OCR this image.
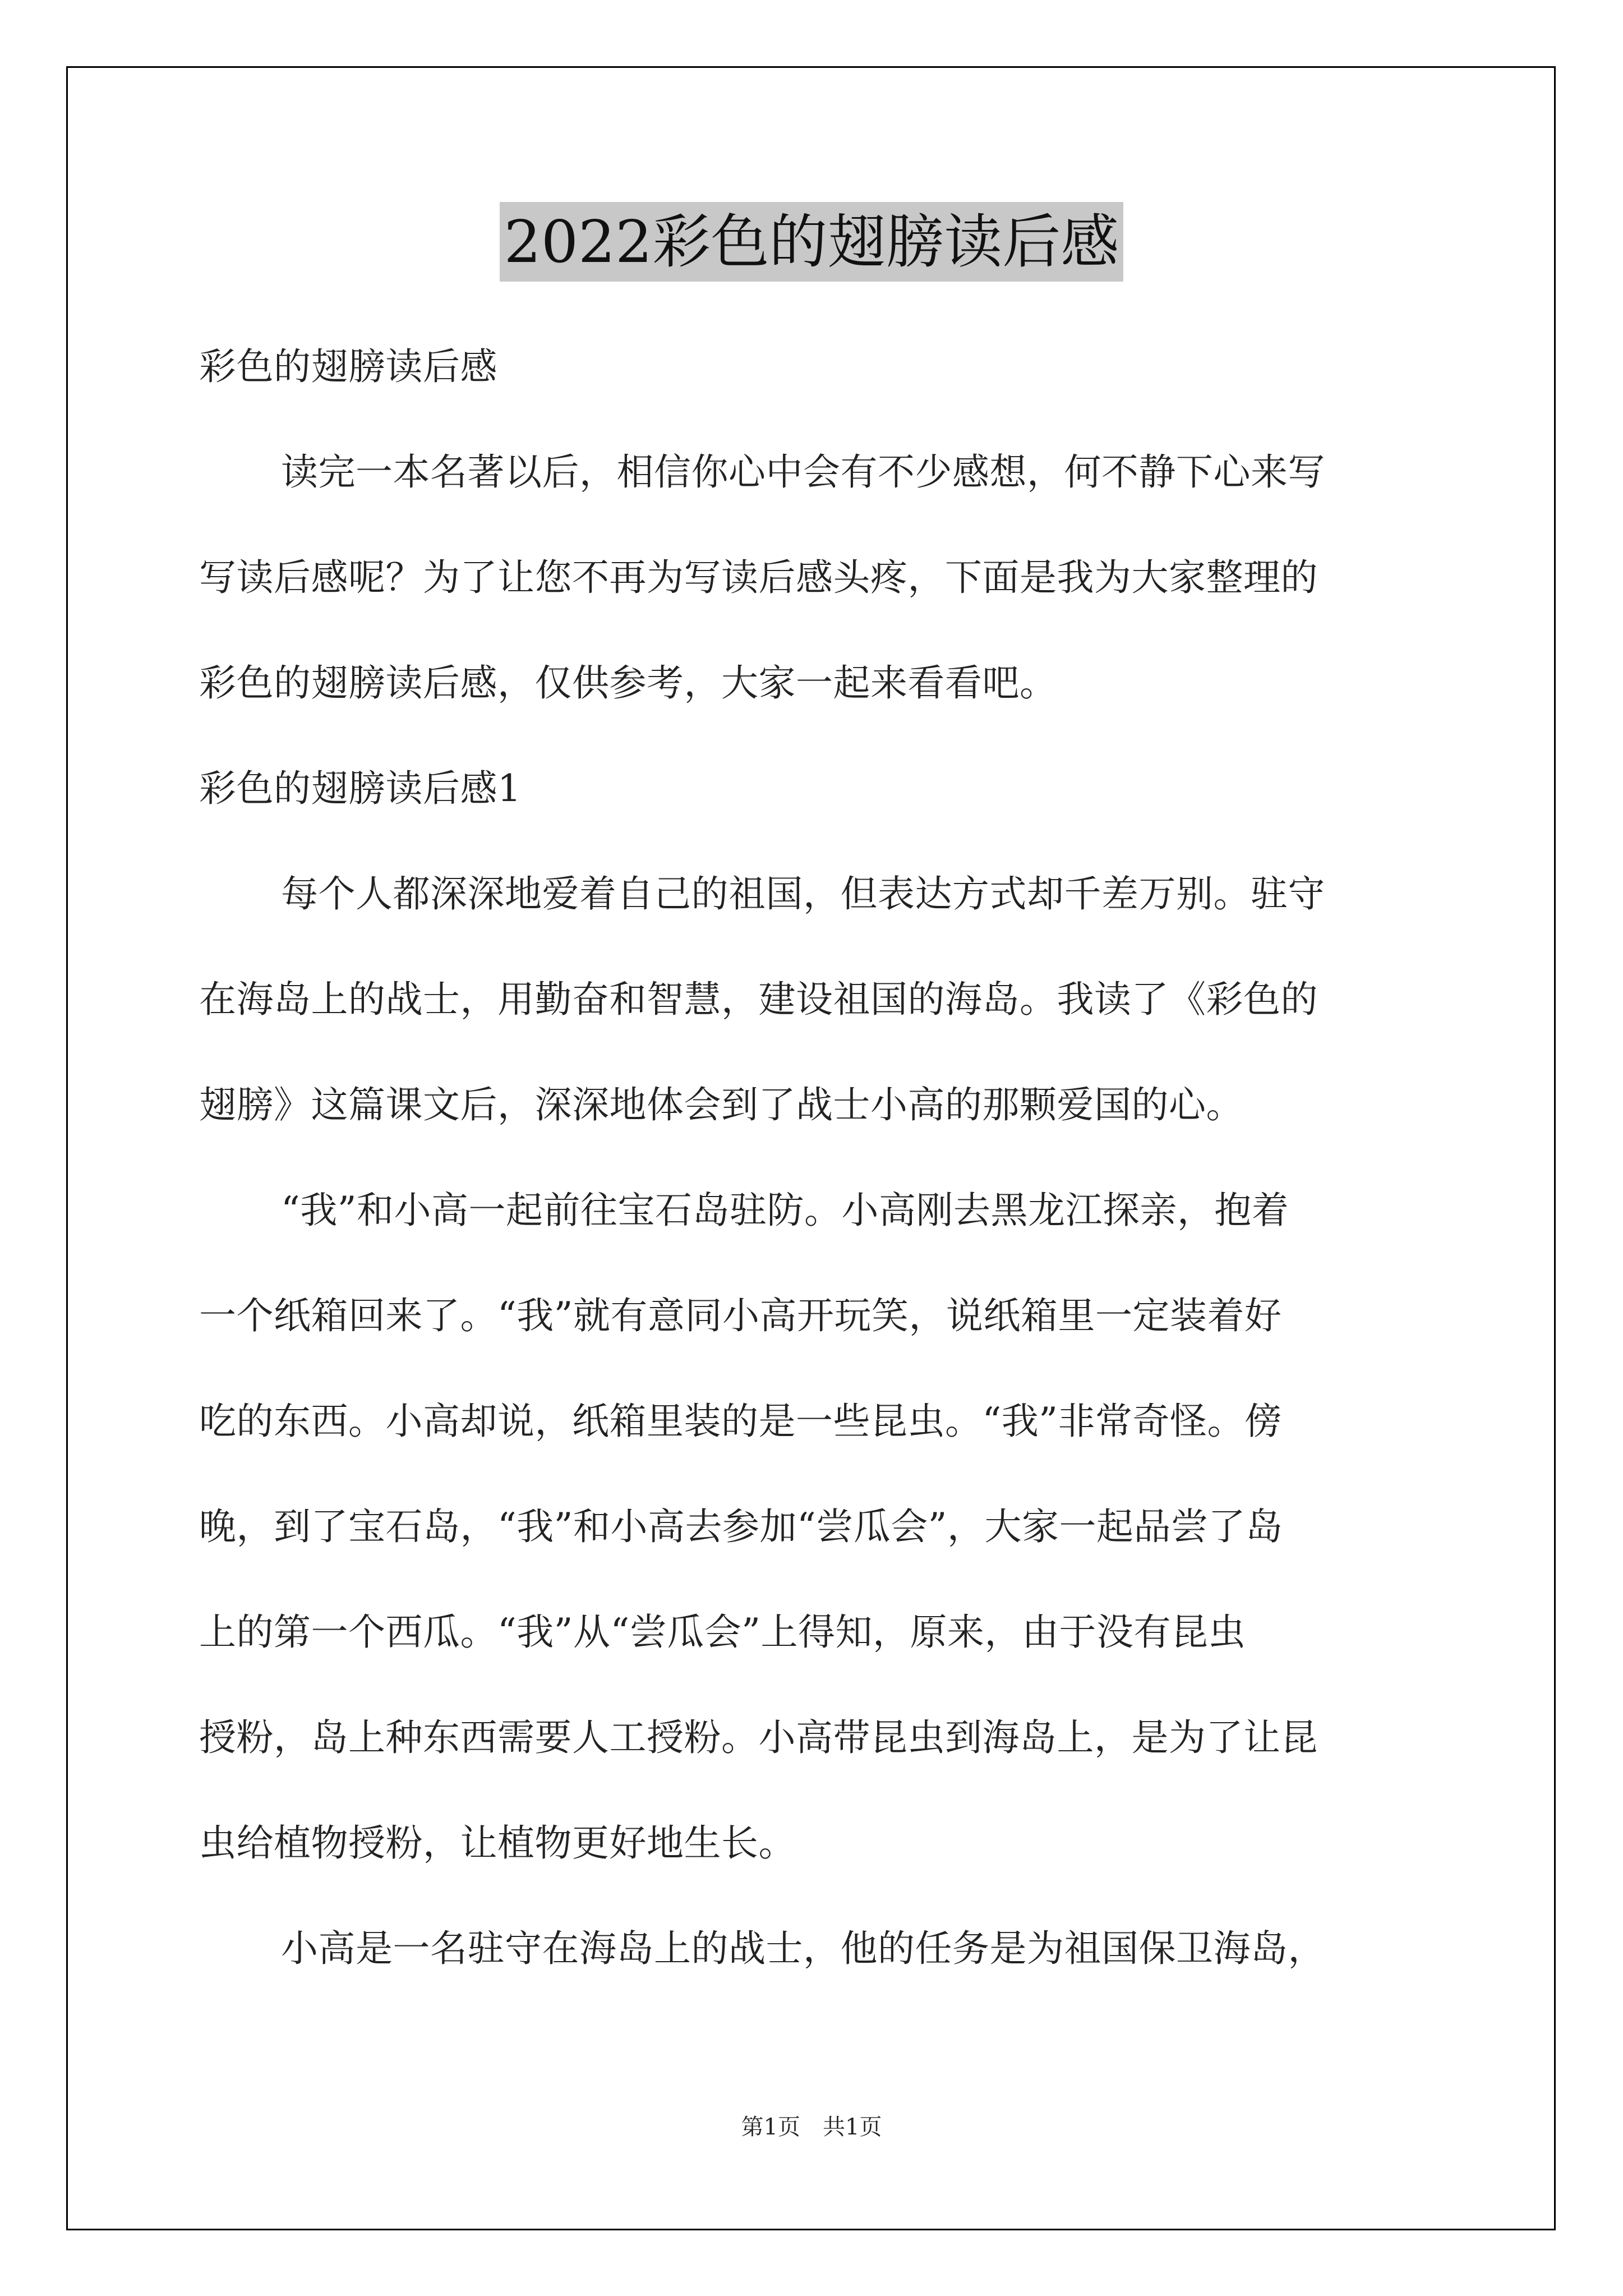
2022彩色的翅膀读后感
彩色的翅膀读后感
读完一本名著以后，相信你心中会有不少感想，何不静下心来写
写读后感呢？为了让您不再为写读后感头疼，下面是我为大家整理的
彩色的翅膀读后感，仅供参考，大家一起来看看吧。
彩色的翅膀读后感1
每个人都深深地爱着自己的祖国，但表达方式却千差万别。驻守
在海岛上的战士，用勤奋和智慧，建设祖国的海岛。我读了《彩色的
翅膀》这篇课文后，深深地体会到了战士小高的那颗爱国的心。
“我”和小高一起前往宝石岛驻防。小高刚去黑龙江探亲，抱着
一个纸箱回来了。“我”就有意同小高开玩笑，说纸箱里一定装着好
吃的东西。小高却说，纸箱里装的是一些昆虫。“我”非常奇怪。傍
晚，到了宝石岛，“我”和小高去参加“尝瓜会”，大家一起品尝了岛
上的第一个西瓜。“我”从“尝瓜会”上得知，原来，由于没有昆虫
授粉，岛上种东西需要人工授粉。小高带昆虫到海岛上，是为了让昆
虫给植物授粉，让植物更好地生长。
小高是一名驻守在海岛上的战士，他的任务是为祖国保卫海岛，
第1页　共1页
